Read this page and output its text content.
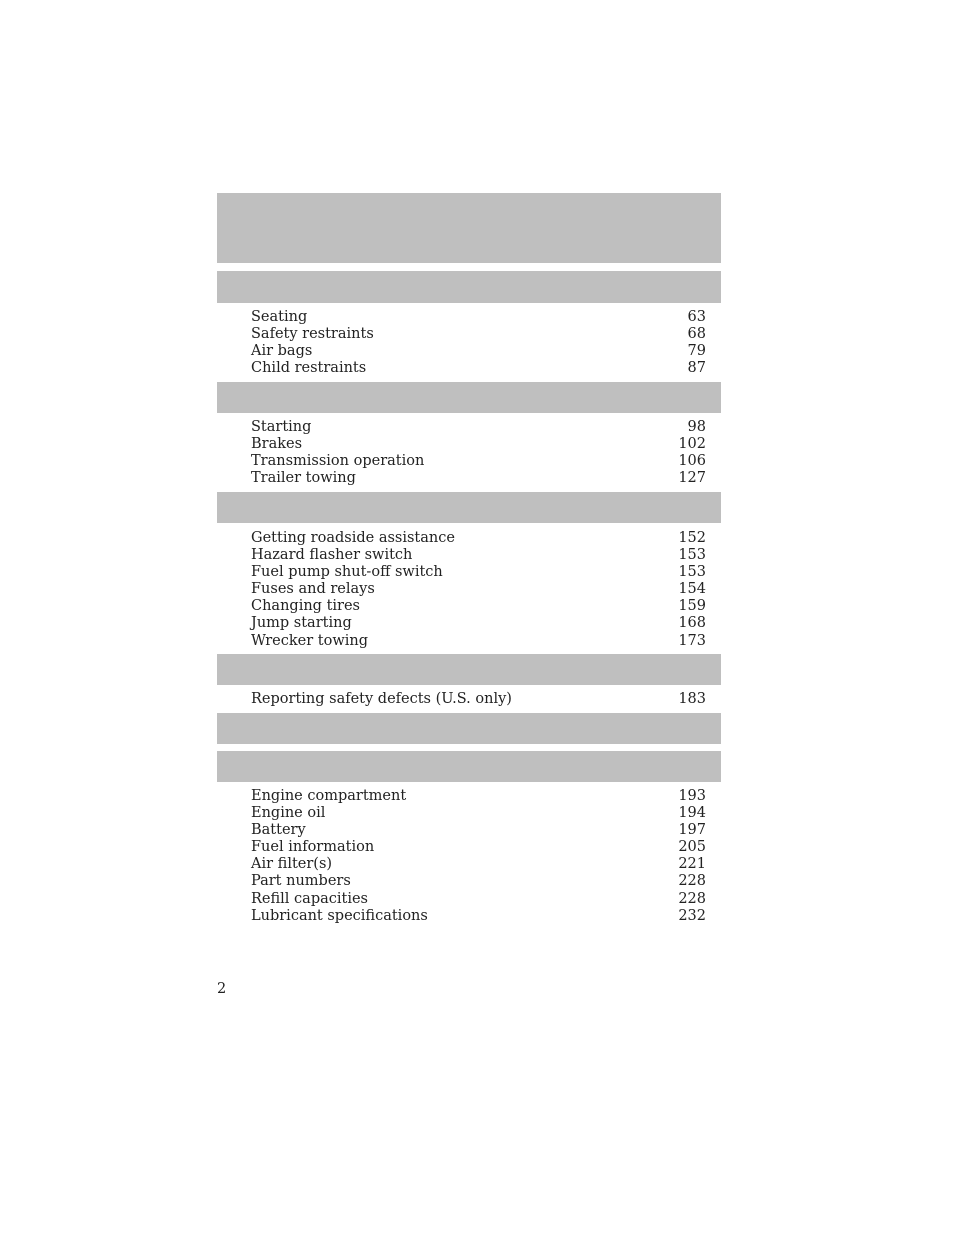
Seating	63
Safety restraints	68
Air bags	79
Child restraints	87
Starting	98
Brakes	102
Transmission operation	106
Trailer towing	127
Getting roadside assistance	152
Hazard flasher switch	153
Fuel pump shut-off switch	153
Fuses and relays	154
Changing tires	159
Jump starting	168
Wrecker towing	173
Reporting safety defects (U.S. only)	183
Engine compartment	193
Engine oil	194
Battery	197
Fuel information	205
Air filter(s)	221
Part numbers	228
Refill capacities	228
Lubricant specifications	232
2
